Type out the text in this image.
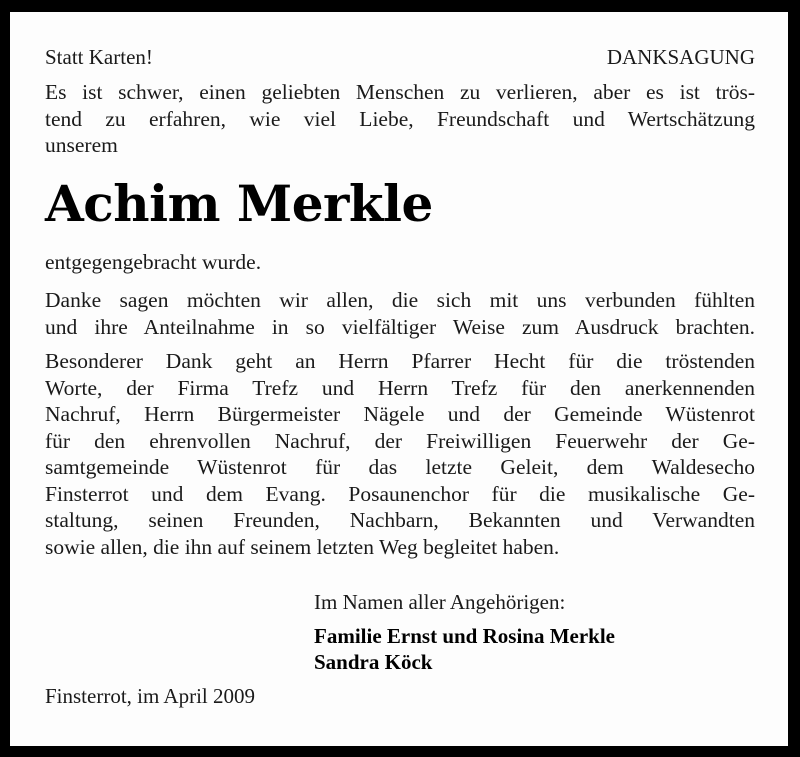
Statt Karten!	DANKSAGUNG
Es ist schwer, einen geliebten Menschen zu verlieren, aber es ist trös-
tend zu erfahren, wie viel Liebe, Freundschaft und Wertschätzung
unserem
Achim Merkle
entgegengebracht wurde.
Danke sagen möchten wir allen, die sich mit uns verbunden fühlten
und ihre Anteilnahme in so vielfältiger Weise zum Ausdruck brachten.
Besonderer Dank geht an Herrn Pfarrer Hecht für die tröstenden
Worte, der Firma Trefz und Herrn Trefz für den anerkennenden
Nachruf, Herrn Bürgermeister Nägele und der Gemeinde Wüstenrot
für den ehrenvollen Nachruf, der Freiwilligen Feuerwehr der Ge-
samtgemeinde Wüstenrot für das letzte Geleit, dem Waldesecho
Finsterrot und dem Evang. Posaunenchor für die musikalische Ge-
staltung, seinen Freunden, Nachbarn, Bekannten und Verwandten
sowie allen, die ihn auf seinem letzten Weg begleitet haben.
Im Namen aller Angehörigen:
Familie Ernst und Rosina Merkle
Sandra Köck
Finsterrot, im April 2009
